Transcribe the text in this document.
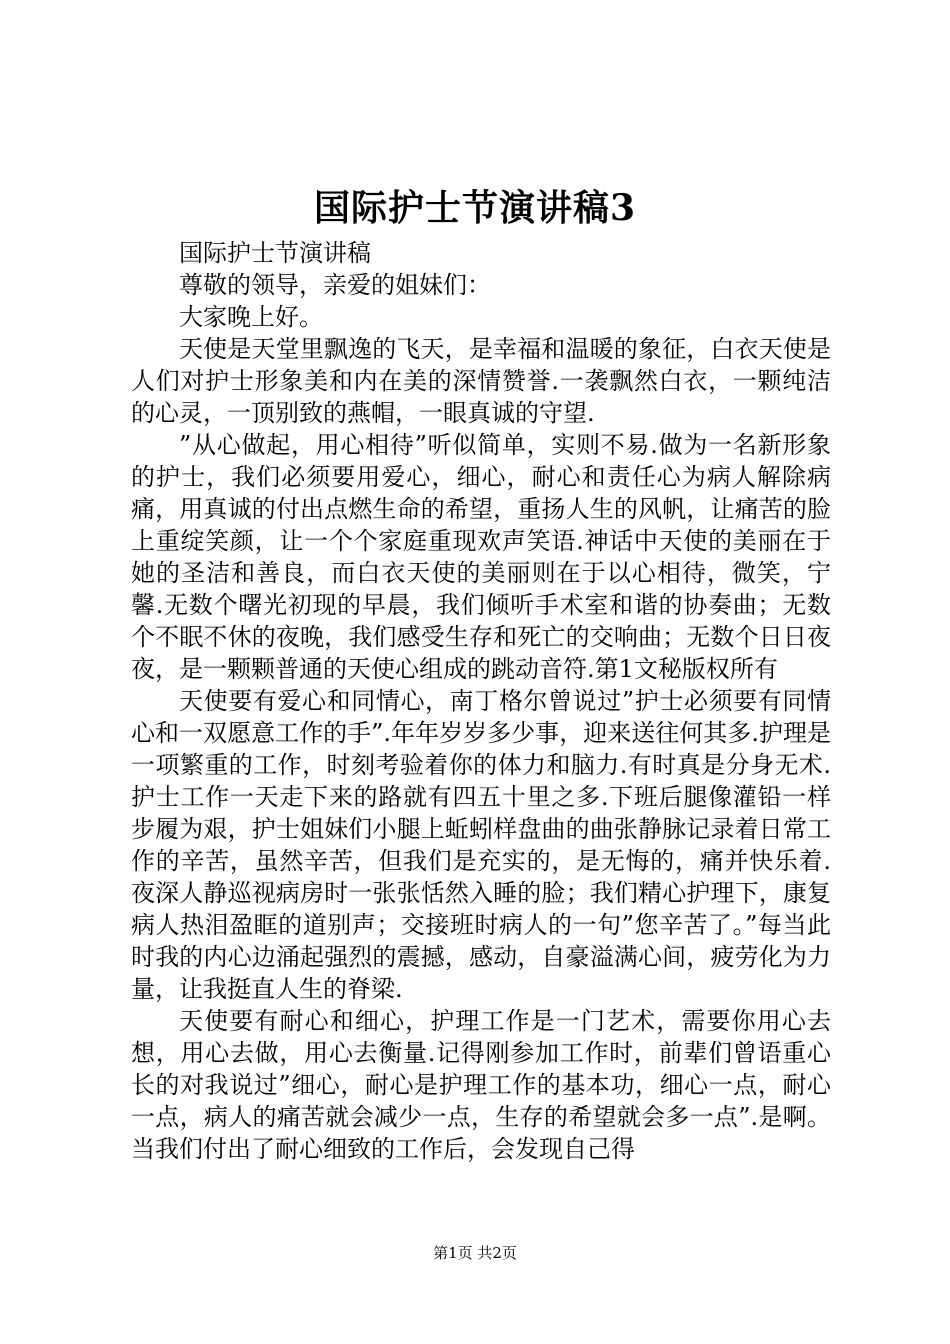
国际护士节演讲稿3

国际护士节演讲稿

尊敬的领导，亲爱的姐妹们：

大家晚上好。

天使是天堂里飘逸的飞天，是幸福和温暖的象征，白衣天使是人们对护士形象美和内在美的深情赞誉.一袭飘然白衣，一颗纯洁的心灵，一顶别致的燕帽，一眼真诚的守望.

”从心做起，用心相待”听似简单，实则不易.做为一名新形象的护士，我们必须要用爱心，细心，耐心和责任心为病人解除病痛，用真诚的付出点燃生命的希望，重扬人生的风帆，让痛苦的脸上重绽笑颜，让一个个家庭重现欢声笑语.神话中天使的美丽在于她的圣洁和善良，而白衣天使的美丽则在于以心相待，微笑，宁馨.无数个曙光初现的早晨，我们倾听手术室和谐的协奏曲；无数个不眠不休的夜晚，我们感受生存和死亡的交响曲；无数个日日夜夜，是一颗颗普通的天使心组成的跳动音符.第1文秘版权所有

天使要有爱心和同情心，南丁格尔曾说过”护士必须要有同情心和一双愿意工作的手”.年年岁岁多少事，迎来送往何其多.护理是一项繁重的工作，时刻考验着你的体力和脑力.有时真是分身无术.护士工作一天走下来的路就有四五十里之多.下班后腿像灌铅一样步履为艰，护士姐妹们小腿上蚯蚓样盘曲的曲张静脉记录着日常工作的辛苦，虽然辛苦，但我们是充实的，是无悔的，痛并快乐着.夜深人静巡视病房时一张张恬然入睡的脸；我们精心护理下，康复病人热泪盈眶的道别声；交接班时病人的一句”您辛苦了。”每当此时我的内心边涌起强烈的震撼，感动，自豪溢满心间，疲劳化为力量，让我挺直人生的脊梁.

天使要有耐心和细心，护理工作是一门艺术，需要你用心去想，用心去做，用心去衡量.记得刚参加工作时，前辈们曾语重心长的对我说过”细心，耐心是护理工作的基本功，细心一点，耐心一点，病人的痛苦就会减少一点，生存的希望就会多一点”.是啊。当我们付出了耐心细致的工作后，会发现自己得

第1页 共2页
